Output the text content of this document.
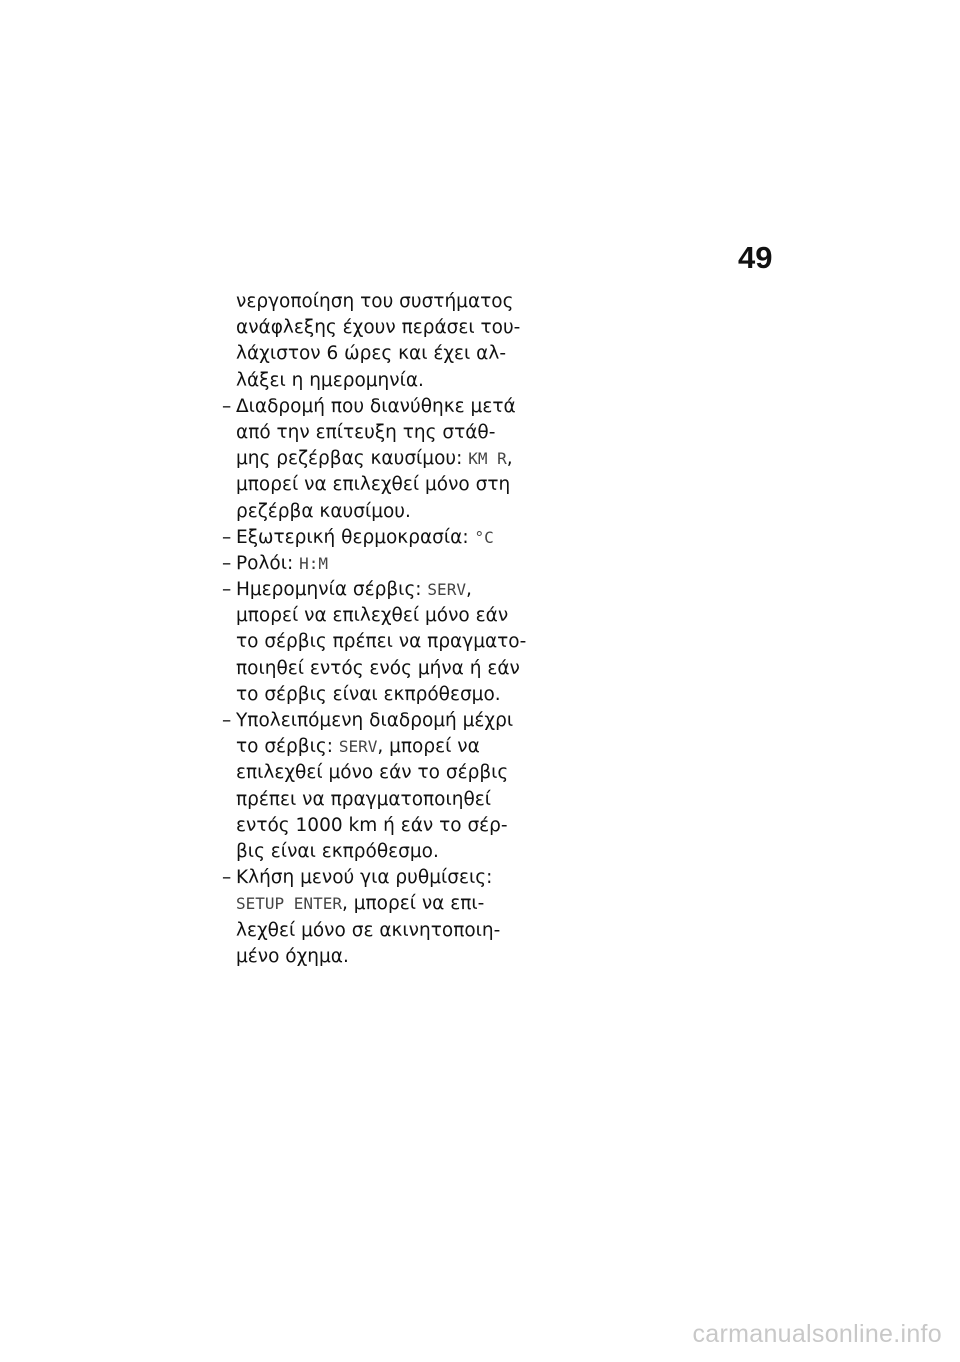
49
νεργοποίηση του συστήματος
ανάφλεξης έχουν περάσει του-
λάχιστον 6 ώρες και έχει αλ-
λάξει η ημερομηνία.
– Διαδρομή που διανύθηκε μετά
από την επίτευξη της στάθ-
μης ρεζέρβας καυσίμου: KM R,
μπορεί να επιλεχθεί μόνο στη
ρεζέρβα καυσίμου.
– Εξωτερική θερμοκρασία: °C
– Ρολόι: H:M
– Ημερομηνία σέρβις: SERV,
μπορεί να επιλεχθεί μόνο εάν
το σέρβις πρέπει να πραγματο-
ποιηθεί εντός ενός μήνα ή εάν
το σέρβις είναι εκπρόθεσμο.
– Υπολειπόμενη διαδρομή μέχρι
το σέρβις: SERV, μπορεί να
επιλεχθεί μόνο εάν το σέρβις
πρέπει να πραγματοποιηθεί
εντός 1000 km ή εάν το σέρ-
βις είναι εκπρόθεσμο.
– Κλήση μενού για ρυθμίσεις:
SETUP ENTER, μπορεί να επι-
λεχθεί μόνο σε ακινητοποιη-
μένο όχημα.
carmanualsonline.info
